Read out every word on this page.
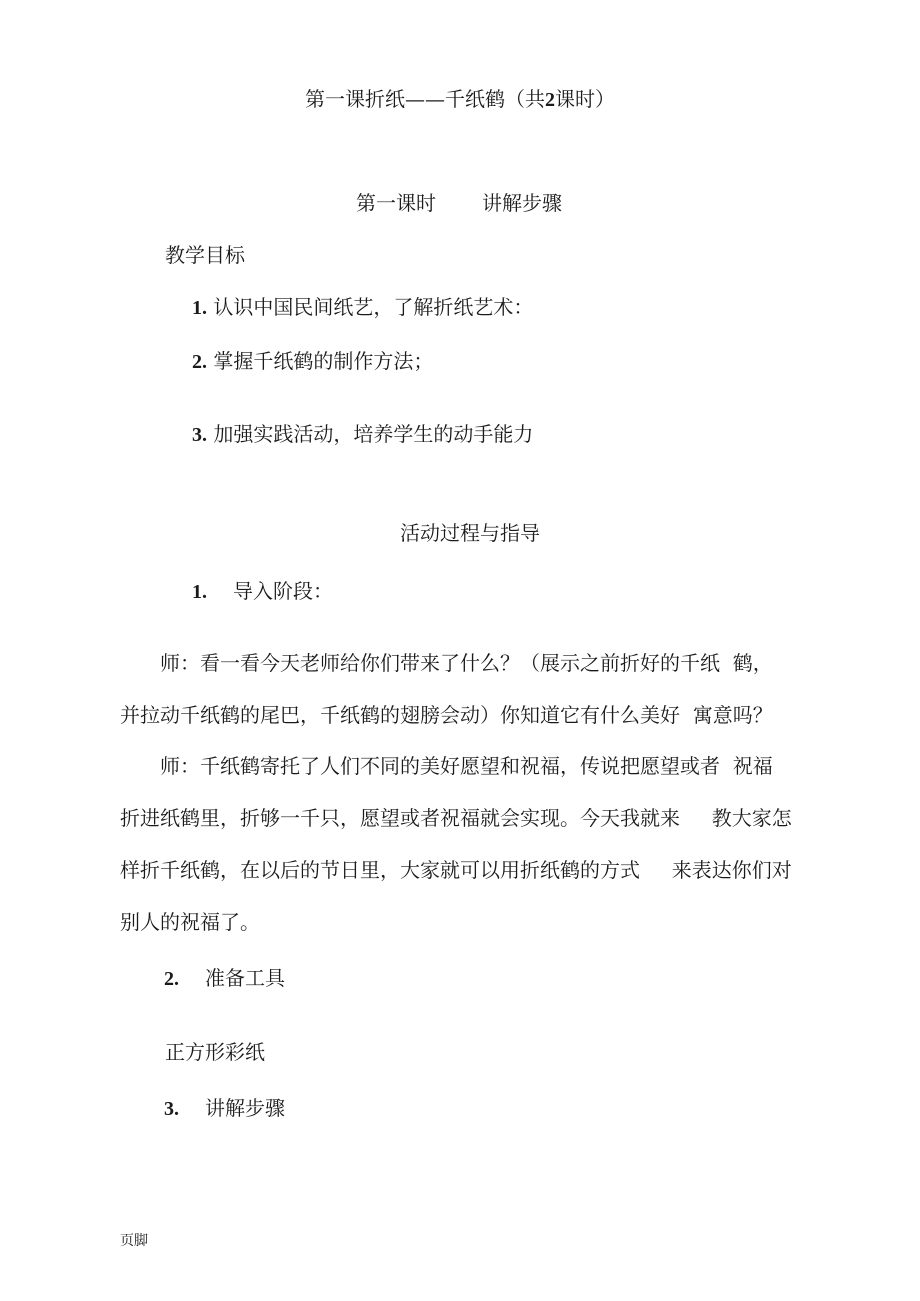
第一课折纸——千纸鹤（共2课时）
第一课时 讲解步骤
教学目标
1. 认识中国民间纸艺，了解折纸艺术：
2. 掌握千纸鹤的制作方法；
3. 加强实践活动，培养学生的动手能力
活动过程与指导
1. 导入阶段：
　　师：看一看今天老师给你们带来了什么？（展示之前折好的千纸  鹤，
并拉动千纸鹤的尾巴，千纸鹤的翅膀会动）你知道它有什么美好  寓意吗？
　　师：千纸鹤寄托了人们不同的美好愿望和祝福，传说把愿望或者  祝福
折进纸鹤里，折够一千只，愿望或者祝福就会实现。今天我就来     教大家怎
样折千纸鹤，在以后的节日里，大家就可以用折纸鹤的方式     来表达你们对
别人的祝福了。
2. 准备工具
正方形彩纸
3. 讲解步骤
页脚
